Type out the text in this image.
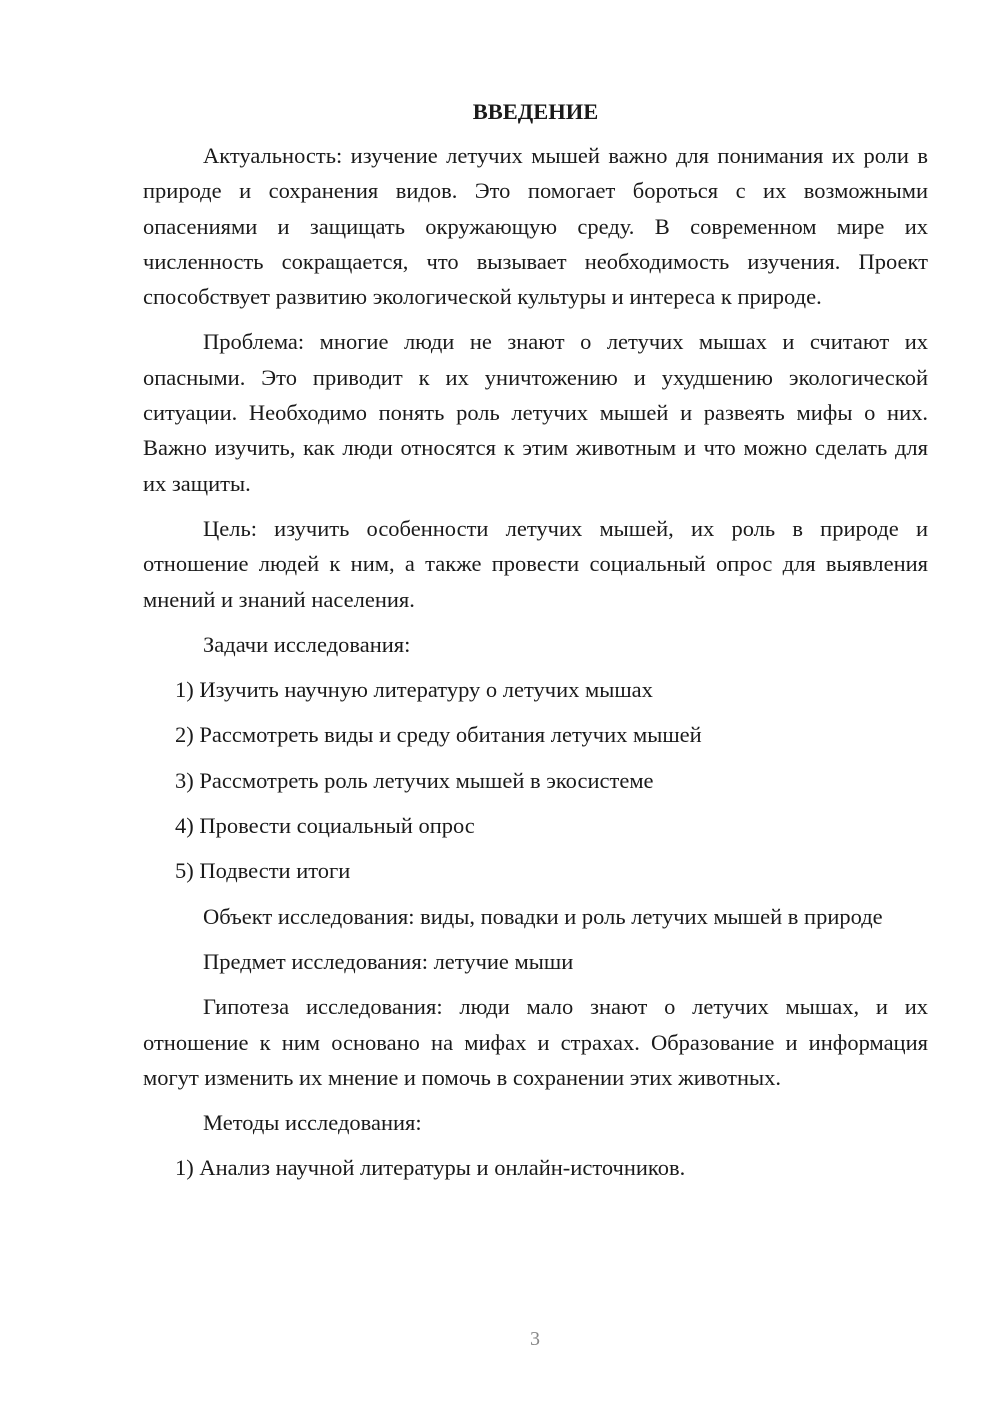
ВВЕДЕНИЕ
Актуальность: изучение летучих мышей важно для понимания их роли в природе и сохранения видов. Это помогает бороться с их возможными опасениями и защищать окружающую среду. В современном мире их численность сокращается, что вызывает необходимость изучения. Проект способствует развитию экологической культуры и интереса к природе.
Проблема: многие люди не знают о летучих мышах и считают их опасными. Это приводит к их уничтожению и ухудшению экологической ситуации. Необходимо понять роль летучих мышей и развеять мифы о них. Важно изучить, как люди относятся к этим животным и что можно сделать для их защиты.
Цель: изучить особенности летучих мышей, их роль в природе и отношение людей к ним, а также провести социальный опрос для выявления мнений и знаний населения.
Задачи исследования:
1) Изучить научную литературу о летучих мышах
2) Рассмотреть виды и среду обитания летучих мышей
3) Рассмотреть роль летучих мышей в экосистеме
4) Провести социальный опрос
5) Подвести итоги
Объект исследования: виды, повадки и роль летучих мышей в природе
Предмет исследования: летучие мыши
Гипотеза исследования: люди мало знают о летучих мышах, и их отношение к ним основано на мифах и страхах. Образование и информация могут изменить их мнение и помочь в сохранении этих животных.
Методы исследования:
1) Анализ научной литературы и онлайн-источников.
3
